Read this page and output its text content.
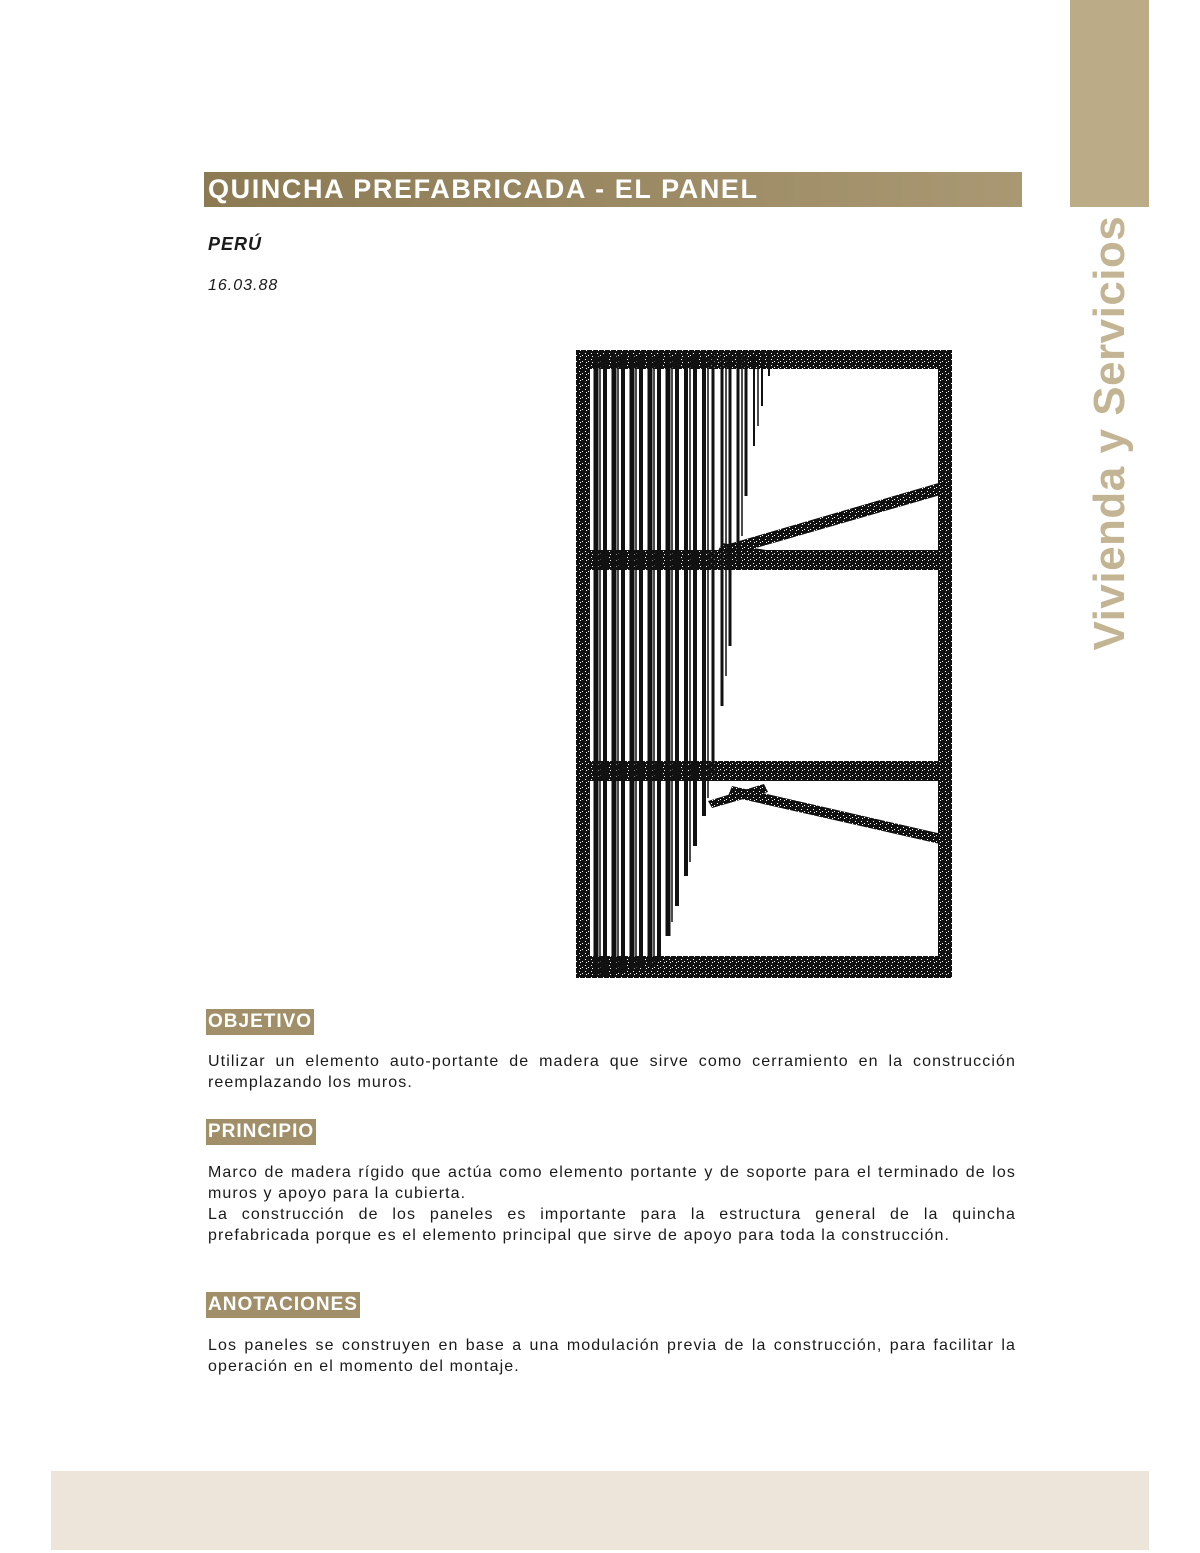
Vivienda y Servicios
QUINCHA PREFABRICADA - EL PANEL
PERÚ
16.03.88
OBJETIVO

Utilizar un elemento auto-portante de madera que sirve como cerramiento en la construcción reemplazando los muros.

PRINCIPIO

Marco de madera rígido que actúa como elemento portante y de soporte para el terminado de los muros y apoyo para la cubierta.

La construcción de los paneles es importante para la estructura general de la quincha prefabricada porque es el elemento principal que sirve de apoyo para toda la construcción.

ANOTACIONES

Los paneles se construyen en base a una modulación previa de la construcción, para facilitar la operación en el momento del montaje.
